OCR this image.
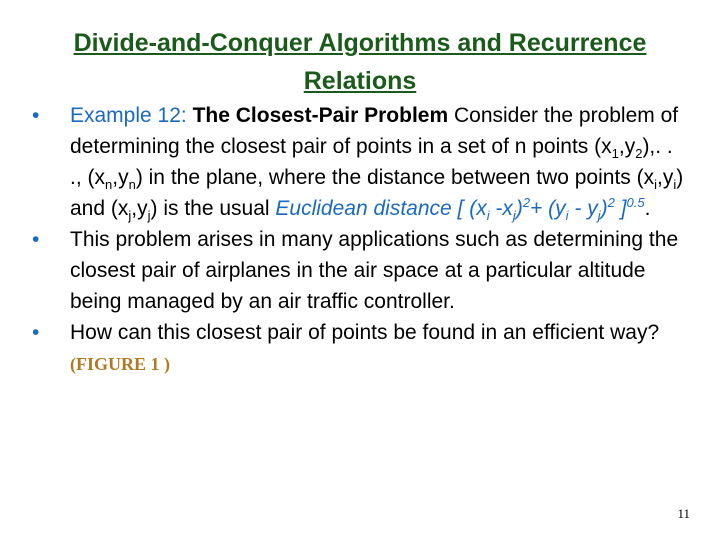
Divide-and-Conquer Algorithms and Recurrence Relations

• Example 12: The Closest-Pair Problem Consider the problem of determining the closest pair of points in a set of n points $(x_1,y_2)$,. . ., $(x_n,y_n)$ in the plane, where the distance between two points $(x_i,y_i)$ and $(x_j,y_j)$ is the usual Euclidean distance [ ($x_i$ $-x_j)^2+ (y_i - y_j)^2$ ]$^{0.5}$.

• This problem arises in many applications such as determining the closest pair of airplanes in the air space at a particular altitude being managed by an air traffic controller.

• How can this closest pair of points be found in an efficient way? (FIGURE 1 )

11
